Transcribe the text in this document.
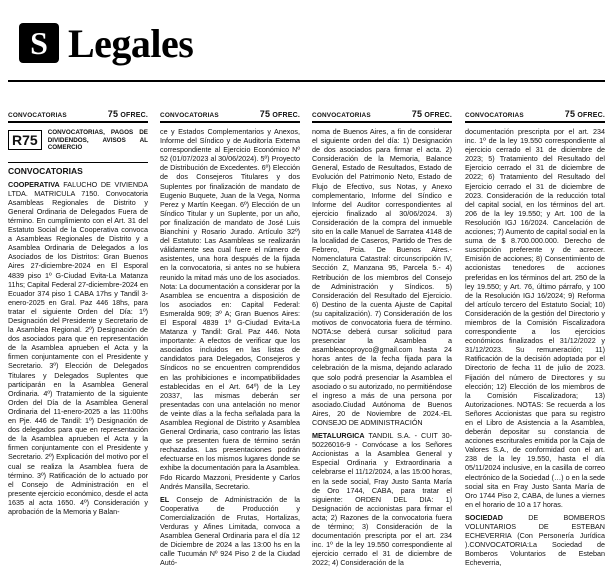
S Legales
CONVOCATORIAS	75 OFREC.
R75	CONVOCATORIAS, PAGOS DE DIVIDENDOS, AVISOS AL COMERCIO
CONVOCATORIAS

COOPERATIVA FALUCHO DE VIVIENDA LTDA. MATRICULA 7150. Convocatoria Asambleas Regionales de Distrito y General Ordinaria de Delegados Fuera de término. En cumplimiento con el Art. 31 del Estatuto Social de la Cooperativa convoca a Asambleas Regionales de Distrito y a Asamblea Ordinaria de Delegados a los Asociados de los Distritos: Gran Buenos Aires 27-diciembre-2024 en El Esporal 4839 piso 1º G-Ciudad Evita-La Matanza 11hs; Capital Federal 27-diciembre-2024 en Ecuador 374 piso 1 CABA 17hs y Tandil 3-enero-2025 en Gral. Paz 446 18hs, para tratar el siguiente Orden del Día: 1º) Designación del Presidente y Secretario de la Asamblea Regional. 2º) Designación de dos asociados para que en representación de la Asamblea aprueben el Acta y la firmen conjuntamente con el Presidente y Secretario. 3º) Elección de Delegados Titulares y Delegados Suplentes que participarán en la Asamblea General Ordinaria. 4º) Tratamiento de la siguiente Orden del Día de la Asamblea General Ordinaria del 11-enero-2025 a las 11:00hs en Pje. 446 de Tandil: 1º) Designación de dos delegados para que en representación de la Asamblea aprueben el Acta y la firmen conjuntamente con el Presidente y Secretario. 2º) Explicación del motivo por el cual se realiza la Asamblea fuera de término. 3º) Ratificación de lo actuado por el Consejo de Administración en el presente ejercicio económico, desde el acta 1635 al acta 1650. 4º) Consideración y aprobación de la Memoria y Balan-

CONVOCATORIAS	75 OFREC.

ce y Estados Complementarios y Anexos, Informe del Síndico y de Auditoría Externa correspondiente al Ejercicio Económico Nº 52 (01/07/2023 al 30/06/2024). 5º) Proyecto de Distribución de Excedentes. 6º) Elección de dos Consejeros Titulares y dos Suplentes por finalización de mandato de Eugenio Buquete, Juan de la Vega, Norma Perez y Martín Keegan. 6º) Elección de un Síndico Titular y un Suplente, por un año, por finalización de mandato de José Luis Bianchini y Rosario Jurado. Artículo 32º) del Estatuto: Las Asambleas se realizarán válidamente sea cual fuere el número de asistentes, una hora después de la fijada en la convocatoria, si antes no se hubiera reunido la mitad más uno de los asociados. Nota: La documentación a considerar por la Asamblea se encuentra a disposición de los asociados en: Capital Federal: Esmeralda 909; 3º A; Gran Buenos Aires: El Esporal 4839 1º G-Ciudad Evita-La Matanza y Tandil: Gral. Paz 446. Nota importante: A efectos de verificar que los asociados incluidos en las listas de candidatos para Delegados, Consejeros y Síndicos no se encuentren comprendidos en las prohibiciones e incompatibilidades establecidas en el Art. 64º) de la Ley 20337, las mismas deberán ser presentadas con una antelación no menor de veinte días a la fecha señalada para la Asamblea Regional de Distrito y Asamblea General Ordinaria, caso contrario las listas que se presenten fuera de término serán rechazadas. Las presentaciones podrán efectuarse en los mismos lugares donde se exhibe la documentación para la Asamblea. Fdo Ricardo Mazzoni, Presidente y Carlos Andrés Mansilla, Secretario.

EL Consejo de Administración de la Cooperativa de Producción y Comercialización de Frutas, Hortalizas, Verduras y Afines Limitada, convoca a Asamblea General Ordinaria para el día 12 de Diciembre de 2024 a las 13:00 hs en la calle Tucumán Nº 924 Piso 2 de la Ciudad Autó-

CONVOCATORIAS	75 OFREC.

noma de Buenos Aires, a fin de considerar el siguiente orden del día: 1) Designación de dos asociados para firmar el acta. 2) Consideración de la Memoria, Balance General, Estado de Resultados, Estado de Evolución del Patrimonio Neto, Estado de Flujo de Efectivo, sus Notas, y Anexo complementario, Informe del Síndico e Informe del Auditor correspondientes al ejercicio finalizado al 30/06/2024. 3) Consideración de la compra del inmueble sito en la calle Manuel de Sarratea 4148 de la localidad de Caseros, Partido de Tres de Febrero, Pcia. De Buenos Aires.- Nomenclatura Catastral: circunscripción IV, Sección Z, Manzana 95, Parcela 5.- 4) Retribución de los miembros del Consejo de Administración y Síndicos. 5) Consideración del Resultado del Ejercicio. 6) Destino de la cuenta Ajuste de Capital (su capitalización). 7) Consideración de los motivos de convocatoria fuera de término. NOTA:se deberá cursar solicitud para presenciar la Asamblea a asambleacoproyco@gmail.com hasta 24 horas antes de la fecha fijada para la celebración de la misma, dejando aclarado que solo podrá presenciar la Asamblea el asociado o su autorizado, no permitiéndose el ingreso a más de una persona por asociado.Ciudad Autónoma de Buenos Aires, 20 de Noviembre de 2024.-EL CONSEJO DE ADMINISTRACIÓN

METALURGICA TANDIL S.A. - CUIT 30-50226016-9 - Convócase a los Señores Accionistas a la Asamblea General y Especial Ordinaria y Extraordinaria a celebrarse el 11/12/2024, a las 15:00 horas, en la sede social, Fray Justo Santa María de Oro 1744, CABA, para tratar el siguiente: ORDEN DEL DIA: 1) Designación de accionistas para firmar el acta; 2) Razones de la convocatoria fuera de término; 3) Consideración de la documentación prescripta por el art. 234 inc. 1º de la ley 19.550 correspondiente al ejercicio cerrado el 31 de diciembre de 2022; 4) Consideración de la

CONVOCATORIAS	75 OFREC.

documentación prescripta por el art. 234 inc. 1º de la ley 19.550 correspondiente al ejercicio cerrado el 31 de diciembre de 2023; 5) Tratamiento del Resultado del Ejercicio cerrado el 31 de diciembre de 2022; 6) Tratamiento del Resultado del Ejercicio cerrado el 31 de diciembre de 2023. Consideración de la reducción total del capital social, en los términos del art. 206 de la ley 19.550; y Art. 100 de la Resolución IGJ 16/2024. Cancelación de acciones; 7) Aumento de capital social en la suma de $ 8.700.000.000. Derecho de suscripción preferente y de acrecer. Emisión de acciones; 8) Consentimiento de accionistas tenedores de acciones preferidas en los términos del art. 250 de la ley 19.550; y Art. 76, último párrafo, y 100 de la Resolución IGJ 16/2024; 9) Reforma del artículo tercero del Estatuto Social; 10) Consideración de la gestión del Directorio y miembros de la Comisión Fiscalizadora correspondiente a los ejercicios económicos finalizados el 31/12/2022 y 31/12/2023. Su remuneración; 11) Ratificación de la decisión adoptada por el Directorio de fecha 11 de julio de 2023. Fijación del número de Directores y su elección; 12) Elección de los miembros de la Comisión Fiscalizadora; 13) Autorizaciones. NOTAS: Se recuerda a los Señores Accionistas que para su registro en el Libro de Asistencia a la Asamblea, deberán depositar su constancia de acciones escriturales emitida por la Caja de Valores S.A., de conformidad con el art. 238 de la ley 19.550, hasta el día 05/11/2024 inclusive, en la casilla de correo electrónico de la Sociedad (…) o en la sede social sita en Fray Justo Santa María de Oro 1744 Piso 2, CABA, de lunes a viernes en el horario de 10 a 17 horas.

SOCIEDAD	DE BOMBEROS VOLUNTARIOS DE ESTEBAN ECHEVERRIA (Con Personería Jurídica ).CONVOCATORIA:La Sociedad de Bomberos Voluntarios de Esteban Echeverria,
